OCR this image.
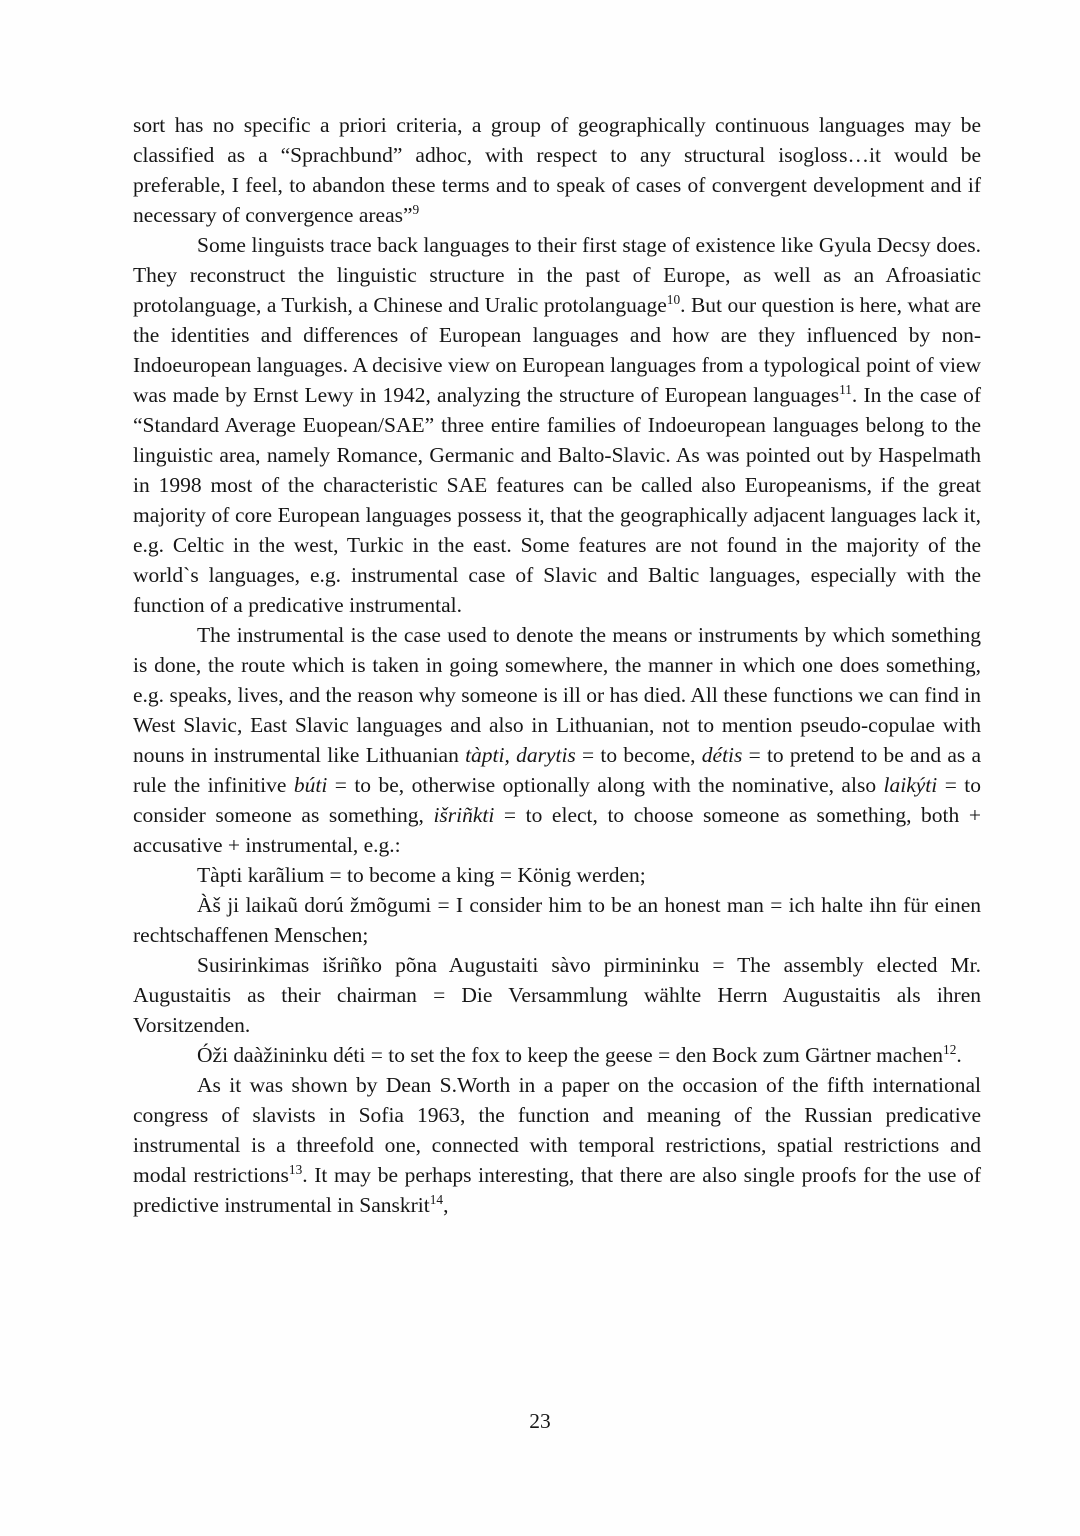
sort has no specific a priori criteria, a group of geographically continuous languages may be classified as a “Sprachbund” adhoc, with respect to any structural isogloss…it would be preferable, I feel, to abandon these terms and to speak of cases of convergent development and if necessary of convergence areas”$^9$

Some linguists trace back languages to their first stage of existence like Gyula Decsy does. They reconstruct the linguistic structure in the past of Europe, as well as an Afroasiatic protolanguage, a Turkish, a Chinese and Uralic protolanguage$^{10}$. But our question is here, what are the identities and differences of European languages and how are they influenced by non-Indoeuropean languages. A decisive view on European languages from a typological point of view was made by Ernst Lewy in 1942, analyzing the structure of European languages$^{11}$. In the case of “Standard Average Euopean/SAE” three entire families of Indoeuropean languages belong to the linguistic area, namely Romance, Germanic and Balto-Slavic. As was pointed out by Haspelmath in 1998 most of the characteristic SAE features can be called also Europeanisms, if the great majority of core European languages possess it, that the geographically adjacent languages lack it, e.g. Celtic in the west, Turkic in the east. Some features are not found in the majority of the world`s languages, e.g. instrumental case of Slavic and Baltic languages, especially with the function of a predicative instrumental.

The instrumental is the case used to denote the means or instruments by which something is done, the route which is taken in going somewhere, the manner in which one does something, e.g. speaks, lives, and the reason why someone is ill or has died. All these functions we can find in West Slavic, East Slavic languages and also in Lithuanian, not to mention pseudo-copulae with nouns in instrumental like Lithuanian tàpti, darytis = to become, détis = to pretend to be and as a rule the infinitive búti = to be, otherwise optionally along with the nominative, also laikýti = to consider someone as something, išriñkti = to elect, to choose someone as something, both + accusative + instrumental, e.g.:

Tàpti karãlium = to become a king = König werden;

Àš ji laikaũ dorú žmõgumi = I consider him to be an honest man = ich halte ihn für einen rechtschaffenen Menschen;

Susirinkimas išriñko põna Augustaiti sàvo pirmininku = The assembly elected Mr. Augustaitis as their chairman = Die Versammlung wählte Herrn Augustaitis als ihren Vorsitzenden.

Óži daàžininku déti = to set the fox to keep the geese = den Bock zum Gärtner machen$^{12}$.

As it was shown by Dean S.Worth in a paper on the occasion of the fifth international congress of slavists in Sofia 1963, the function and meaning of the Russian predicative instrumental is a threefold one, connected with temporal restrictions, spatial restrictions and modal restrictions$^{13}$. It may be perhaps interesting, that there are also single proofs for the use of predictive instrumental in Sanskrit$^{14}$,

23
